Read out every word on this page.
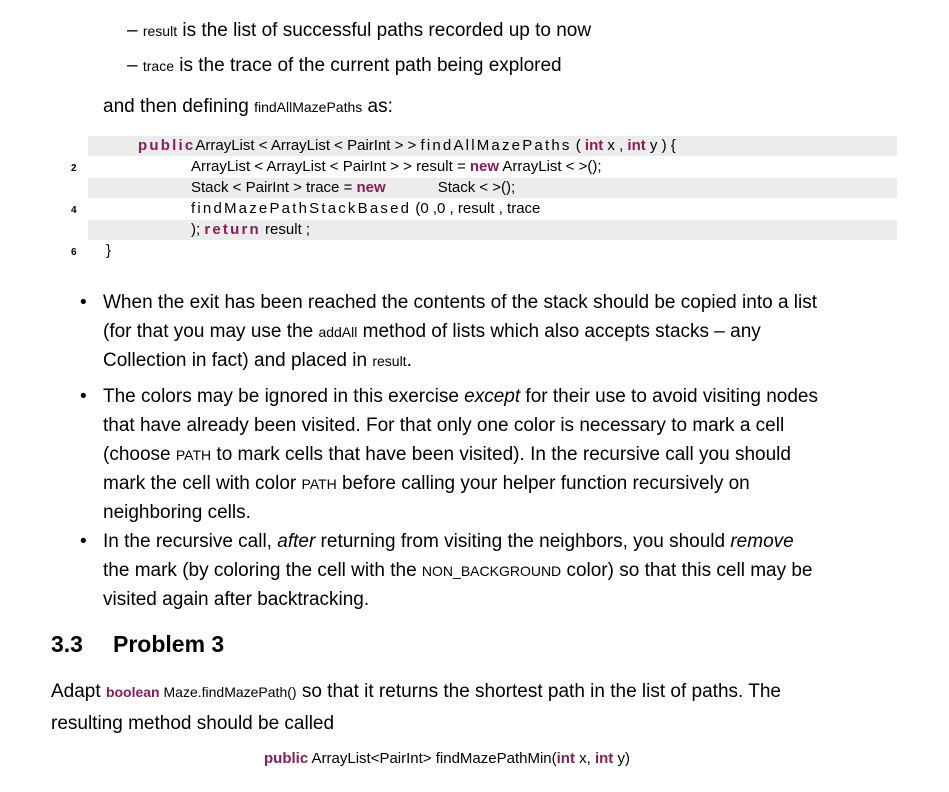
– result is the list of successful paths recorded up to now
– trace is the trace of the current path being explored
and then defining findAllMazePaths as:
publicArrayList < ArrayList < PairInt > > findAllMazePaths ( int x , int y ) {
2	ArrayList < ArrayList < PairInt > > result = new ArrayList < >();
Stack < PairInt > trace = new	Stack < >();
4	findMazePathStackBased (0 ,0 , result , trace
); return result ;
6 }
• When the exit has been reached the contents of the stack should be copied into a list
(for that you may use the addAll method of lists which also accepts stacks – any
Collection in fact) and placed in result.
• The colors may be ignored in this exercise except for their use to avoid visiting nodes
that have already been visited. For that only one color is necessary to mark a cell
(choose PATH to mark cells that have been visited). In the recursive call you should
mark the cell with color PATH before calling your helper function recursively on
neighboring cells.
• In the recursive call, after returning from visiting the neighbors, you should remove
the mark (by coloring the cell with the NON_BACKGROUND color) so that this cell may be
visited again after backtracking.
3.3 Problem 3
Adapt boolean Maze.findMazePath() so that it returns the shortest path in the list of paths. The
resulting method should be called
public ArrayList<PairInt> findMazePathMin(int x, int y)
